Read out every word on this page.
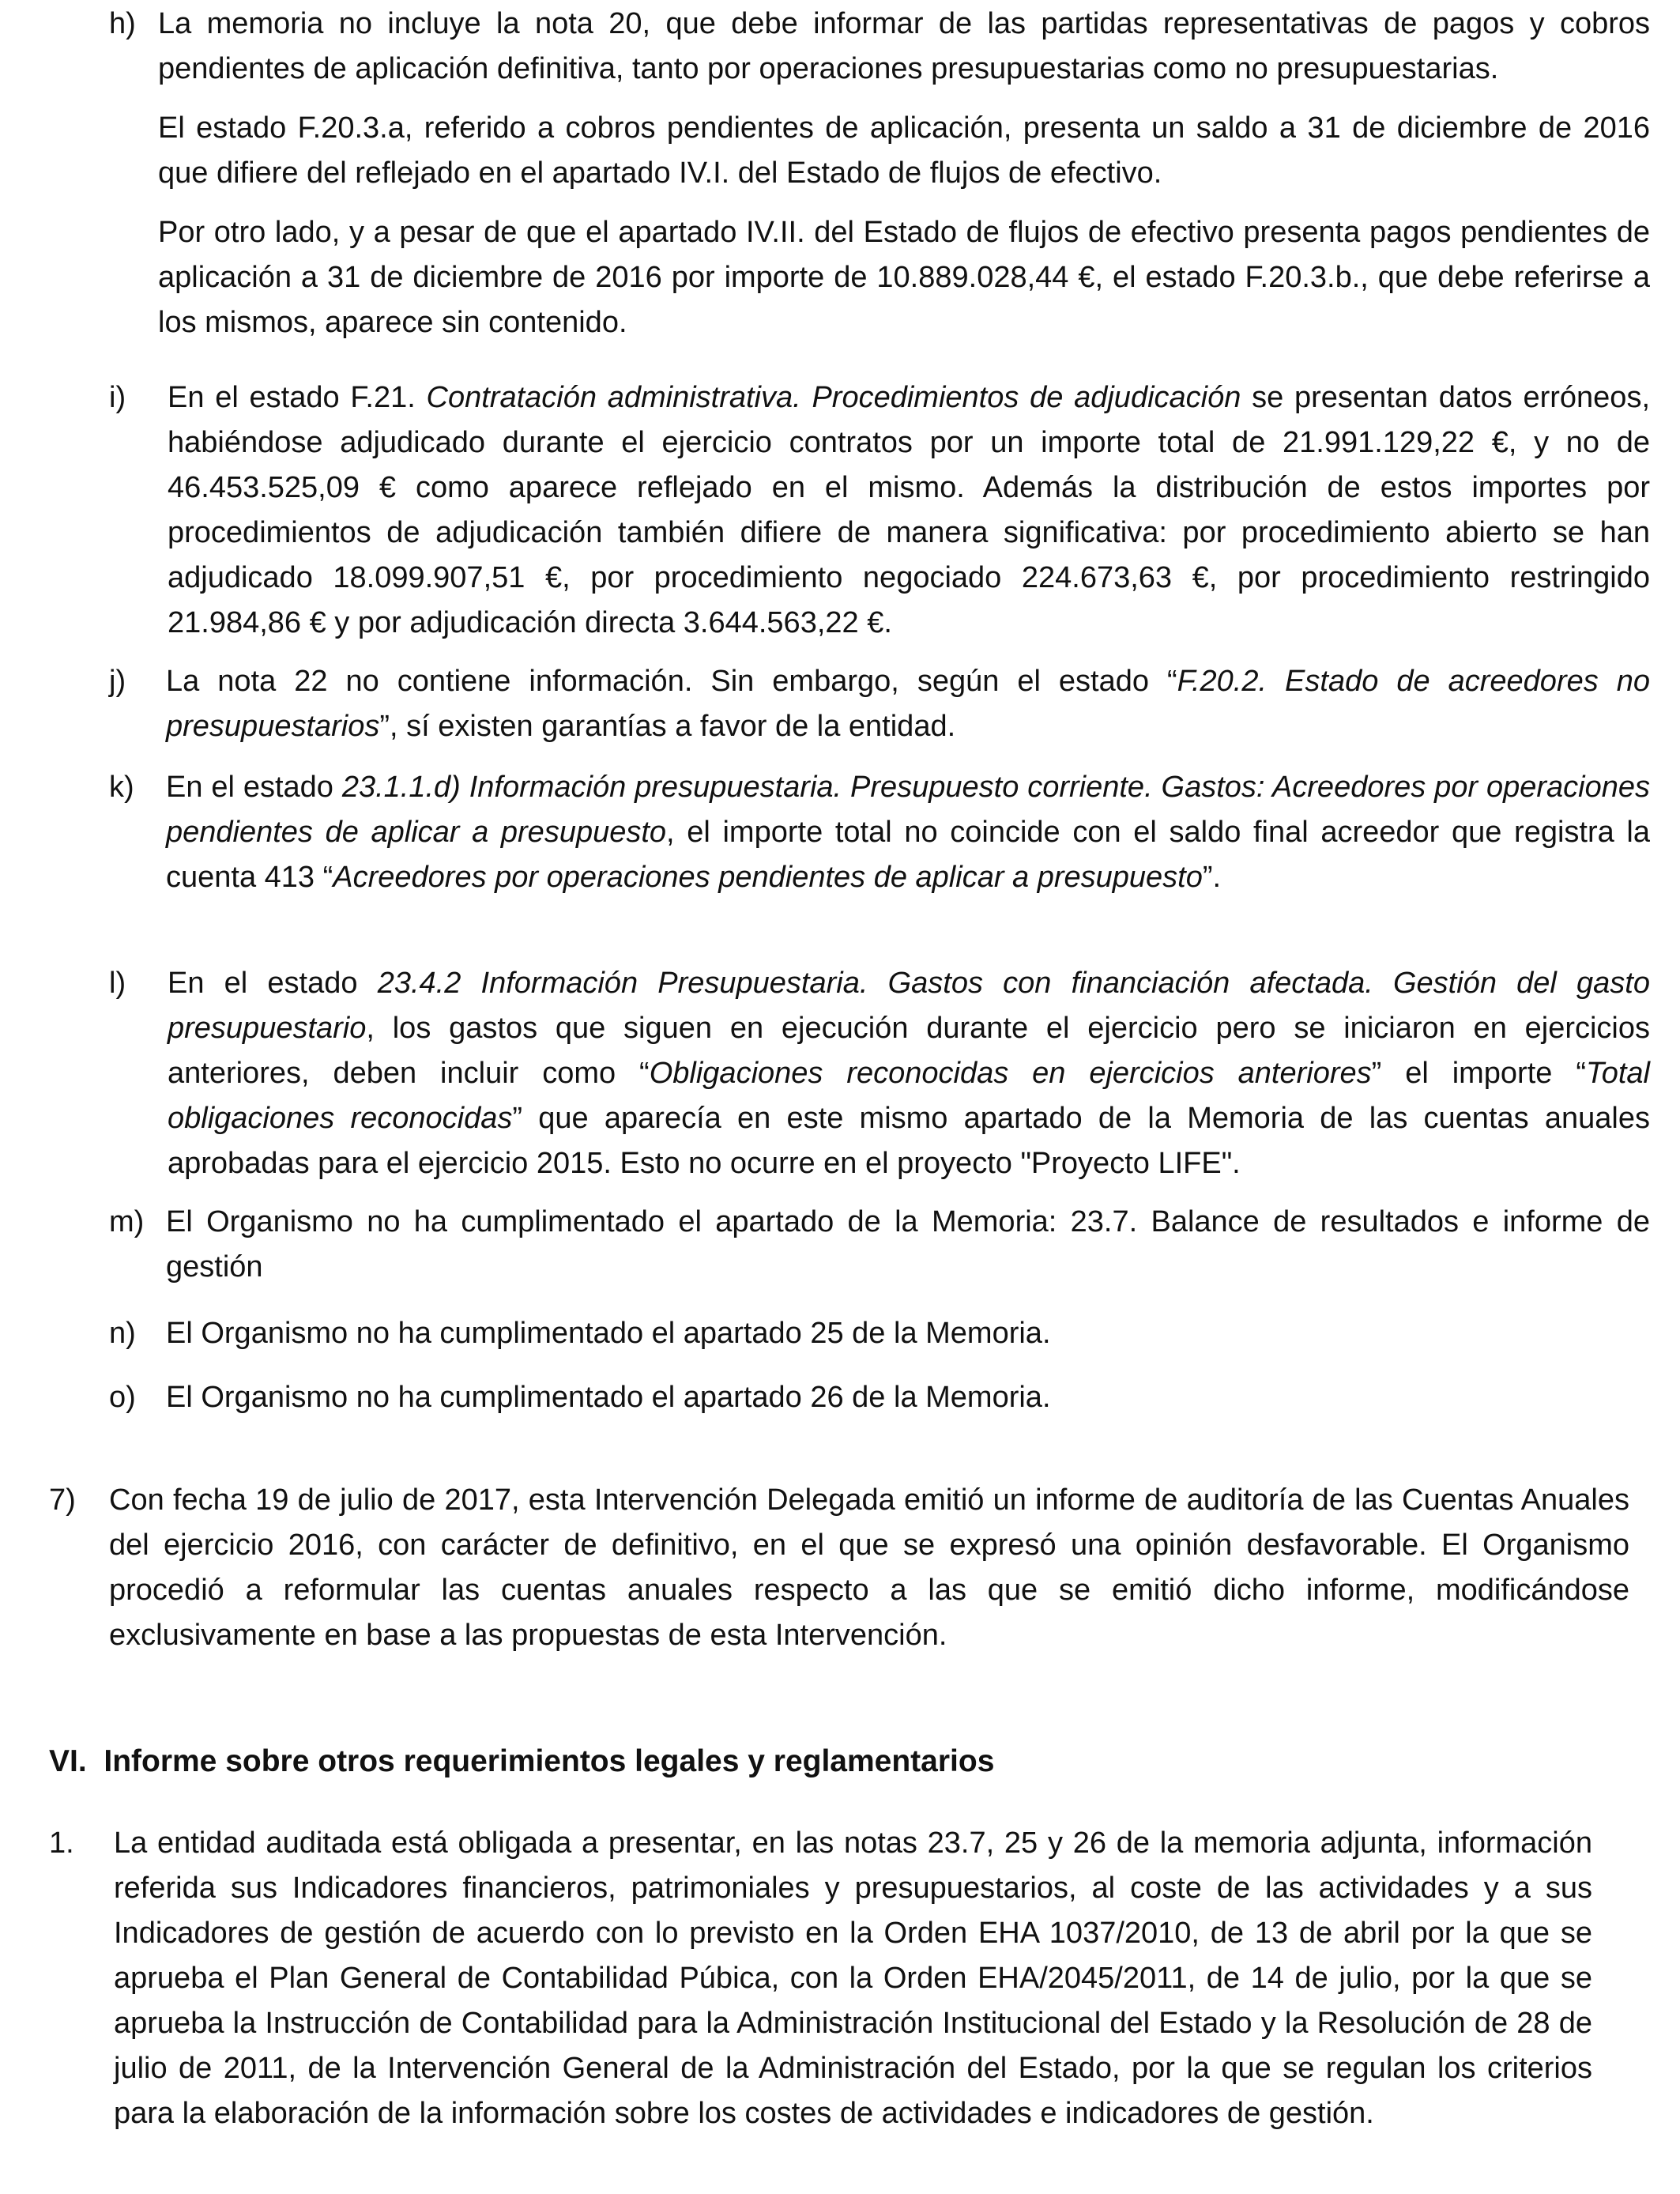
h) La memoria no incluye la nota 20, que debe informar de las partidas representativas de pagos y cobros pendientes de aplicación definitiva, tanto por operaciones presupuestarias como no presupuestarias.

El estado F.20.3.a, referido a cobros pendientes de aplicación, presenta un saldo a 31 de diciembre de 2016 que difiere del reflejado en el apartado IV.I. del Estado de flujos de efectivo.

Por otro lado, y a pesar de que el apartado IV.II. del Estado de flujos de efectivo presenta pagos pendientes de aplicación a 31 de diciembre de 2016 por importe de 10.889.028,44 €, el estado F.20.3.b., que debe referirse a los mismos, aparece sin contenido.

i)	En el estado F.21. Contratación administrativa. Procedimientos de adjudicación se presentan datos erróneos, habiéndose adjudicado durante el ejercicio contratos por un importe total de 21.991.129,22 €, y no de 46.453.525,09 € como aparece reflejado en el mismo. Además la distribución de estos importes por procedimientos de adjudicación también difiere de manera significativa: por procedimiento abierto se han adjudicado 18.099.907,51 €, por procedimiento negociado 224.673,63 €, por procedimiento restringido 21.984,86 € y por adjudicación directa 3.644.563,22 €.

j)	La nota 22 no contiene información. Sin embargo, según el estado “F.20.2. Estado de acreedores no presupuestarios”, sí existen garantías a favor de la entidad.

k)	En el estado 23.1.1.d) Información presupuestaria. Presupuesto corriente. Gastos: Acreedores por operaciones pendientes de aplicar a presupuesto, el importe total no coincide con el saldo final acreedor que registra la cuenta 413 “Acreedores por operaciones pendientes de aplicar a presupuesto”.

l)	En el estado 23.4.2 Información Presupuestaria. Gastos con financiación afectada. Gestión del gasto presupuestario, los gastos que siguen en ejecución durante el ejercicio pero se iniciaron en ejercicios anteriores, deben incluir como “Obligaciones reconocidas en ejercicios anteriores” el importe “Total obligaciones reconocidas” que aparecía en este mismo apartado de la Memoria de las cuentas anuales aprobadas para el ejercicio 2015. Esto no ocurre en el proyecto "Proyecto LIFE".

m) El Organismo no ha cumplimentado el apartado de la Memoria: 23.7. Balance de resultados e informe de gestión

n)	El Organismo no ha cumplimentado el apartado 25 de la Memoria.

o)	El Organismo no ha cumplimentado el apartado 26 de la Memoria.

7)	Con fecha 19 de julio de 2017, esta Intervención Delegada emitió un informe de auditoría de las Cuentas Anuales del ejercicio 2016, con carácter de definitivo, en el que se expresó una opinión desfavorable. El Organismo procedió a reformular las cuentas anuales respecto a las que se emitió dicho informe, modificándose exclusivamente en base a las propuestas de esta Intervención.

VI. Informe sobre otros requerimientos legales y reglamentarios
1.	La entidad auditada está obligada a presentar, en las notas 23.7, 25 y 26 de la memoria adjunta, información referida sus Indicadores financieros, patrimoniales y presupuestarios, al coste de las actividades y a sus Indicadores de gestión de acuerdo con lo previsto en la Orden EHA 1037/2010, de 13 de abril por la que se aprueba el Plan General de Contabilidad Púbica, con la Orden EHA/2045/2011, de 14 de julio, por la que se aprueba la Instrucción de Contabilidad para la Administración Institucional del Estado y la Resolución de 28 de julio de 2011, de la Intervención General de la Administración del Estado, por la que se regulan los criterios para la elaboración de la información sobre los costes de actividades e indicadores de gestión.
